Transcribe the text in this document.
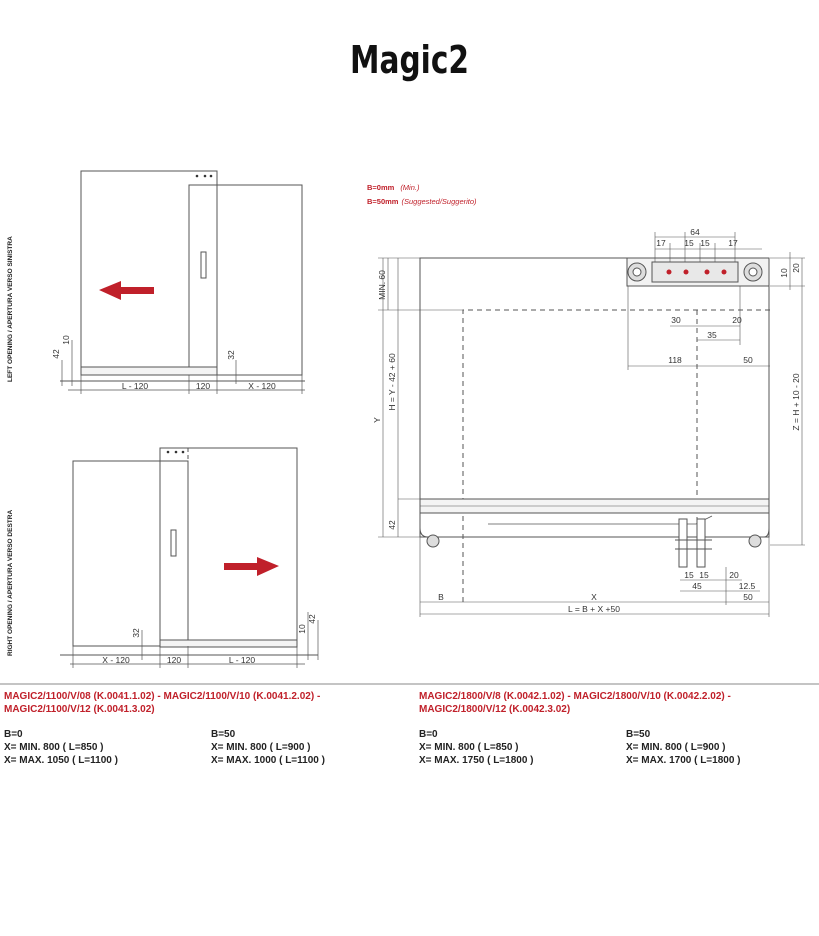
Magic2
L - 120	120	X - 120
42
10
32
LEFT OPENING / APERTURA VERSO SINISTRA
X - 120	120	L - 120
32	10
42
RIGHT OPENING / APERTURA VERSO DESTRA
B=0mm (Min.)
B=50mm (Suggested/Suggerito)
64
17 15 15 17
10
20
MIN. 60
30	20
35
118	50
H = Y - 42 + 60
Y	Z = H + 10 - 20
42
15 15 20
45	12.5
B	X	50
L = B + X +50
MAGIC2/1100/V/08 (K.0041.1.02) - MAGIC2/1100/V/10 (K.0041.2.02) -
MAGIC2/1100/V/12 (K.0041.3.02)
B=0
X= MIN. 800 ( L=850 )
X= MAX. 1050 ( L=1100 )
B=50
X= MIN. 800 ( L=900 )
X= MAX. 1000 ( L=1100 )
MAGIC2/1800/V/8 (K.0042.1.02) - MAGIC2/1800/V/10 (K.0042.2.02) -
MAGIC2/1800/V/12 (K.0042.3.02)
B=0
X= MIN. 800 ( L=850 )
X= MAX. 1750 ( L=1800 )
B=50
X= MIN. 800 ( L=900 )
X= MAX. 1700 ( L=1800 )
